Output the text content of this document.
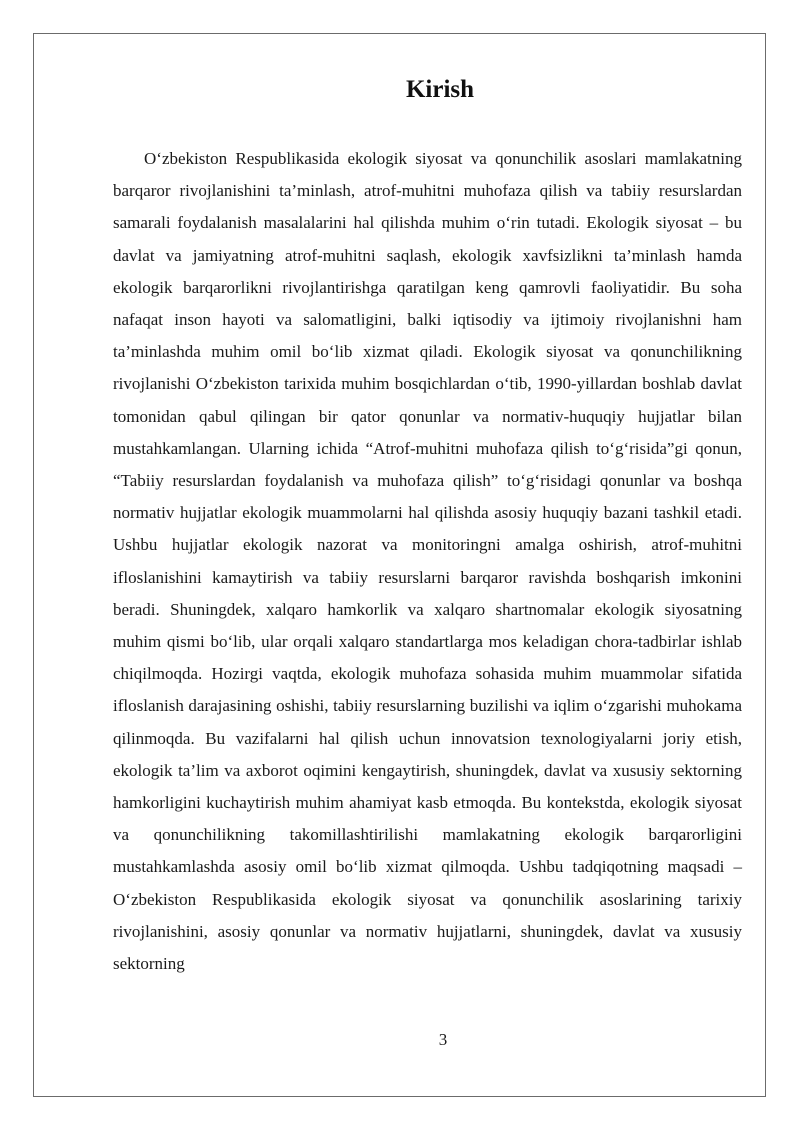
Kirish

O‘zbekiston Respublikasida ekologik siyosat va qonunchilik asoslari mamlakatning barqaror rivojlanishini ta’minlash, atrof-muhitni muhofaza qilish va tabiiy resurslardan samarali foydalanish masalalarini hal qilishda muhim o‘rin tutadi. Ekologik siyosat – bu davlat va jamiyatning atrof-muhitni saqlash, ekologik xavfsizlikni ta’minlash hamda ekologik barqarorlikni rivojlantirishga qaratilgan keng qamrovli faoliyatidir. Bu soha nafaqat inson hayoti va salomatligini, balki iqtisodiy va ijtimoiy rivojlanishni ham ta’minlashda muhim omil bo‘lib xizmat qiladi. Ekologik siyosat va qonunchilikning rivojlanishi O‘zbekiston tarixida muhim bosqichlardan o‘tib, 1990-yillardan boshlab davlat tomonidan qabul qilingan bir qator qonunlar va normativ-huquqiy hujjatlar bilan mustahkamlangan. Ularning ichida “Atrof-muhitni muhofaza qilish to‘g‘risida”gi qonun, “Tabiiy resurslardan foydalanish va muhofaza qilish” to‘g‘risidagi qonunlar va boshqa normativ hujjatlar ekologik muammolarni hal qilishda asosiy huquqiy bazani tashkil etadi. Ushbu hujjatlar ekologik nazorat va monitoringni amalga oshirish, atrof-muhitni ifloslanishini kamaytirish va tabiiy resurslarni barqaror ravishda boshqarish imkonini beradi. Shuningdek, xalqaro hamkorlik va xalqaro shartnomalar ekologik siyosatning muhim qismi bo‘lib, ular orqali xalqaro standartlarga mos keladigan chora-tadbirlar ishlab chiqilmoqda. Hozirgi vaqtda, ekologik muhofaza sohasida muhim muammolar sifatida ifloslanish darajasining oshishi, tabiiy resurslarning buzilishi va iqlim o‘zgarishi muhokama qilinmoqda. Bu vazifalarni hal qilish uchun innovatsion texnologiyalarni joriy etish, ekologik ta’lim va axborot oqimini kengaytirish, shuningdek, davlat va xususiy sektorning hamkorligini kuchaytirish muhim ahamiyat kasb etmoqda. Bu kontekstda, ekologik siyosat va qonunchilikning takomillashtirilishi mamlakatning ekologik barqarorligini mustahkamlashda asosiy omil bo‘lib xizmat qilmoqda. Ushbu tadqiqotning maqsadi – O‘zbekiston Respublikasida ekologik siyosat va qonunchilik asoslarining tarixiy rivojlanishini, asosiy qonunlar va normativ hujjatlarni, shuningdek, davlat va xususiy sektorning

3
